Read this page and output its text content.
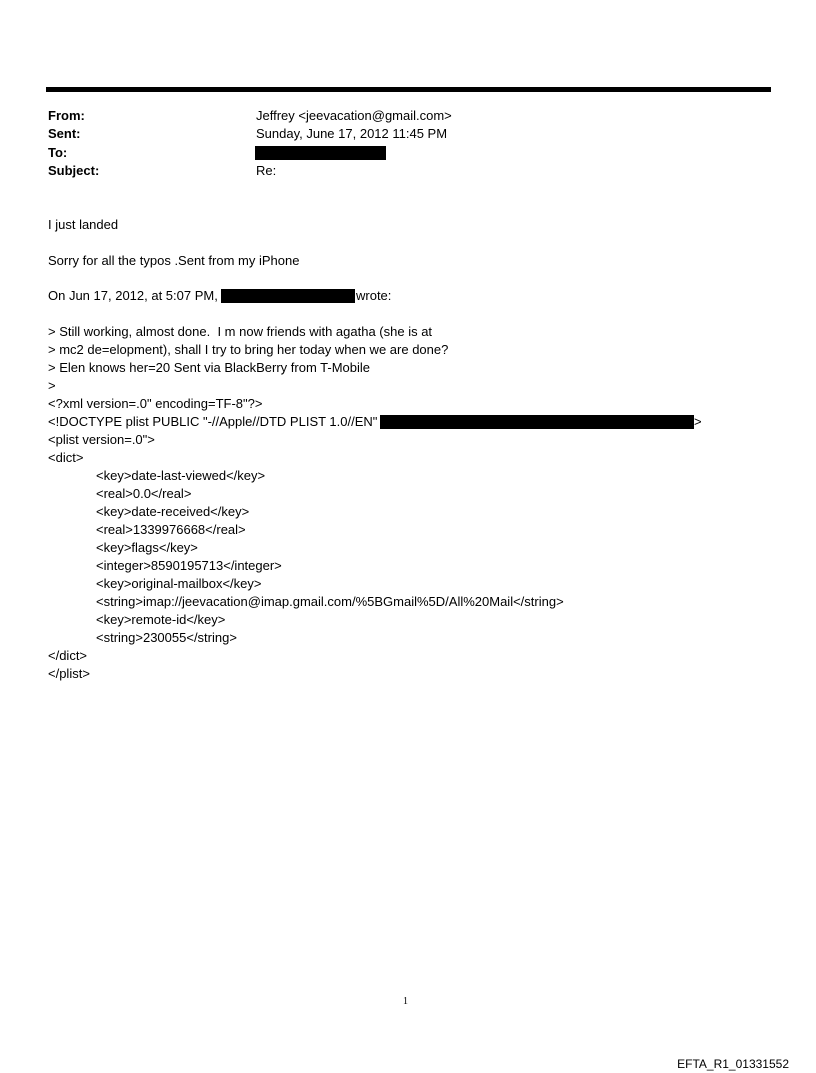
From:	Jeffrey <jeevacation@gmail.com>
Sent:	Sunday, June 17, 2012 11:45 PM
To:
Subject:	Re:
I just landed
Sorry for all the typos .Sent from my iPhone
On Jun 17, 2012, at 5:07 PM,	wrote:
> Still working, almost done.  I m now friends with agatha (she is at
> mc2 de=elopment), shall I try to bring her today when we are done?
> Elen knows her=20 Sent via BlackBerry from T-Mobile
>
<?xml version=.0" encoding=TF-8"?>
<!DOCTYPE plist PUBLIC "-//Apple//DTD PLIST 1.0//EN"	>
<plist version=.0">
<dict>
<key>date-last-viewed</key>
<real>0.0</real>
<key>date-received</key>
<real>1339976668</real>
<key>flags</key>
<integer>8590195713</integer>
<key>original-mailbox</key>
<string>imap://jeevacation@imap.gmail.com/%5BGmail%5D/All%20Mail</string>
<key>remote-id</key>
<string>230055</string>
</dict>
</plist>
1
EFTA_R1_01331552
